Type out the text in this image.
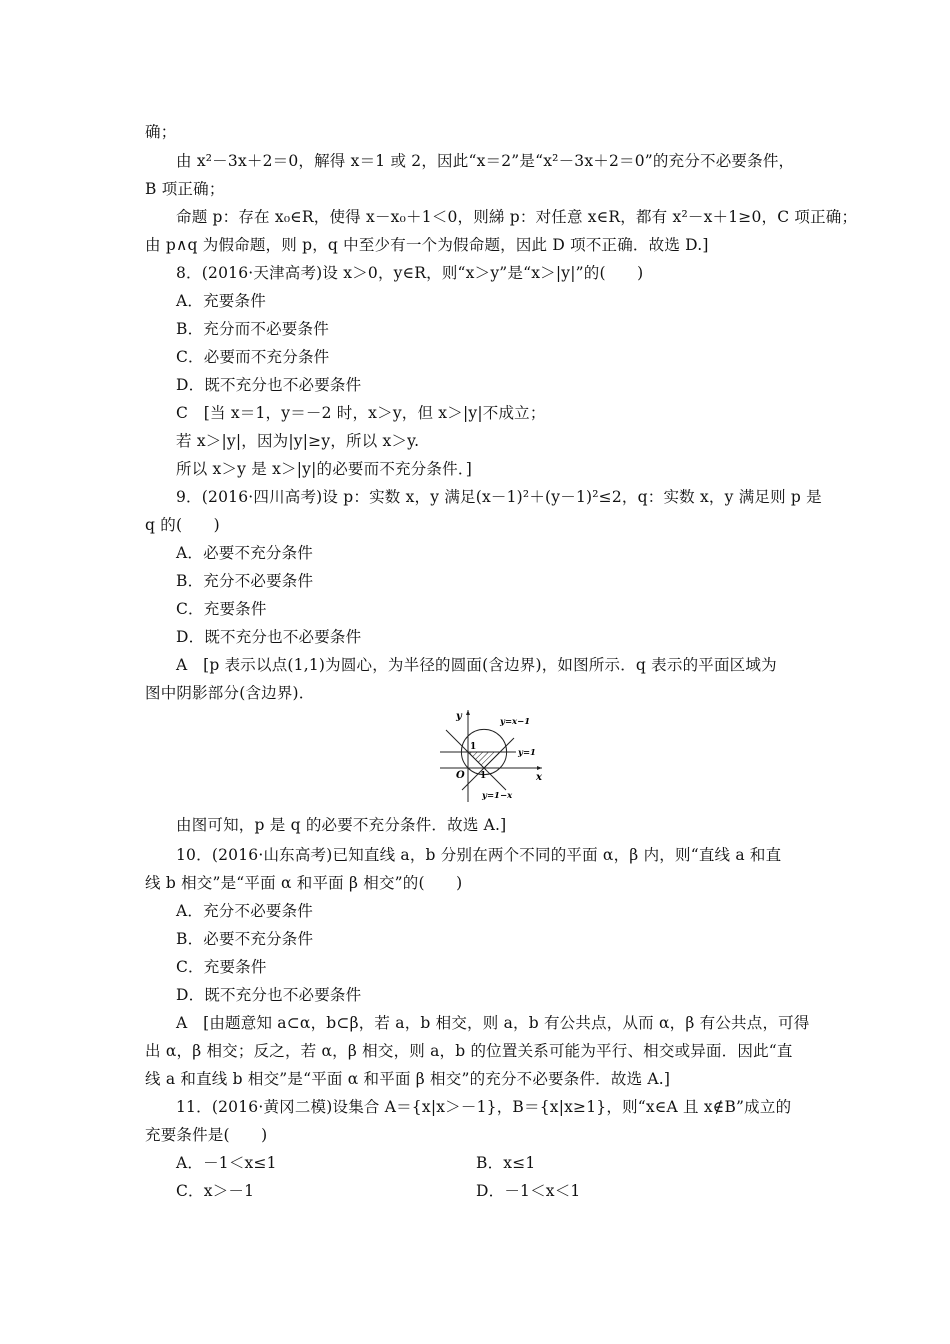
确；
由 x²－3x＋2＝0，解得 x＝1 或 2，因此“x＝2”是“x²－3x＋2＝0”的充分不必要条件，
B 项正确；
命题 p：存在 x₀∈R，使得 x－x₀＋1＜0，则綈 p：对任意 x∈R，都有 x²－x＋1≥0，C 项正确；
由 p∧q 为假命题，则 p，q 中至少有一个为假命题，因此 D 项不正确．故选 D.]
8．(2016·天津高考)设 x＞0，y∈R，则“x＞y”是“x＞|y|”的(　　)
A．充要条件
B．充分而不必要条件
C．必要而不充分条件
D．既不充分也不必要条件
C　[当 x＝1，y＝－2 时，x＞y，但 x＞|y|不成立；
若 x＞|y|，因为|y|≥y，所以 x＞y.
所以 x＞y 是 x＞|y|的必要而不充分条件．]
9．(2016·四川高考)设 p：实数 x，y 满足(x－1)²＋(y－1)²≤2，q：实数 x，y 满足则 p 是
q 的(　　)
A．必要不充分条件
B．充分不必要条件
C．充要条件
D．既不充分也不必要条件
A　[p 表示以点(1,1)为圆心，为半径的圆面(含边界)，如图所示．q 表示的平面区域为
图中阴影部分(含边界)．
y
x
O 1
1
y=x−1
y=1
y=1−x
由图可知，p 是 q 的必要不充分条件．故选 A.]
10．(2016·山东高考)已知直线 a，b 分别在两个不同的平面 α，β 内，则“直线 a 和直
线 b 相交”是“平面 α 和平面 β 相交”的(　　)
A．充分不必要条件
B．必要不充分条件
C．充要条件
D．既不充分也不必要条件
A　[由题意知 a⊂α，b⊂β，若 a，b 相交，则 a，b 有公共点，从而 α，β 有公共点，可得
出 α，β 相交；反之，若 α，β 相交，则 a，b 的位置关系可能为平行、相交或异面．因此“直
线 a 和直线 b 相交”是“平面 α 和平面 β 相交”的充分不必要条件．故选 A.]
11．(2016·黄冈二模)设集合 A＝{x|x＞－1}，B＝{x|x≥1}，则“x∈A 且 x∉B”成立的
充要条件是(　　)
A．－1＜x≤1	B．x≤1
C．x＞－1	D．－1＜x＜1
